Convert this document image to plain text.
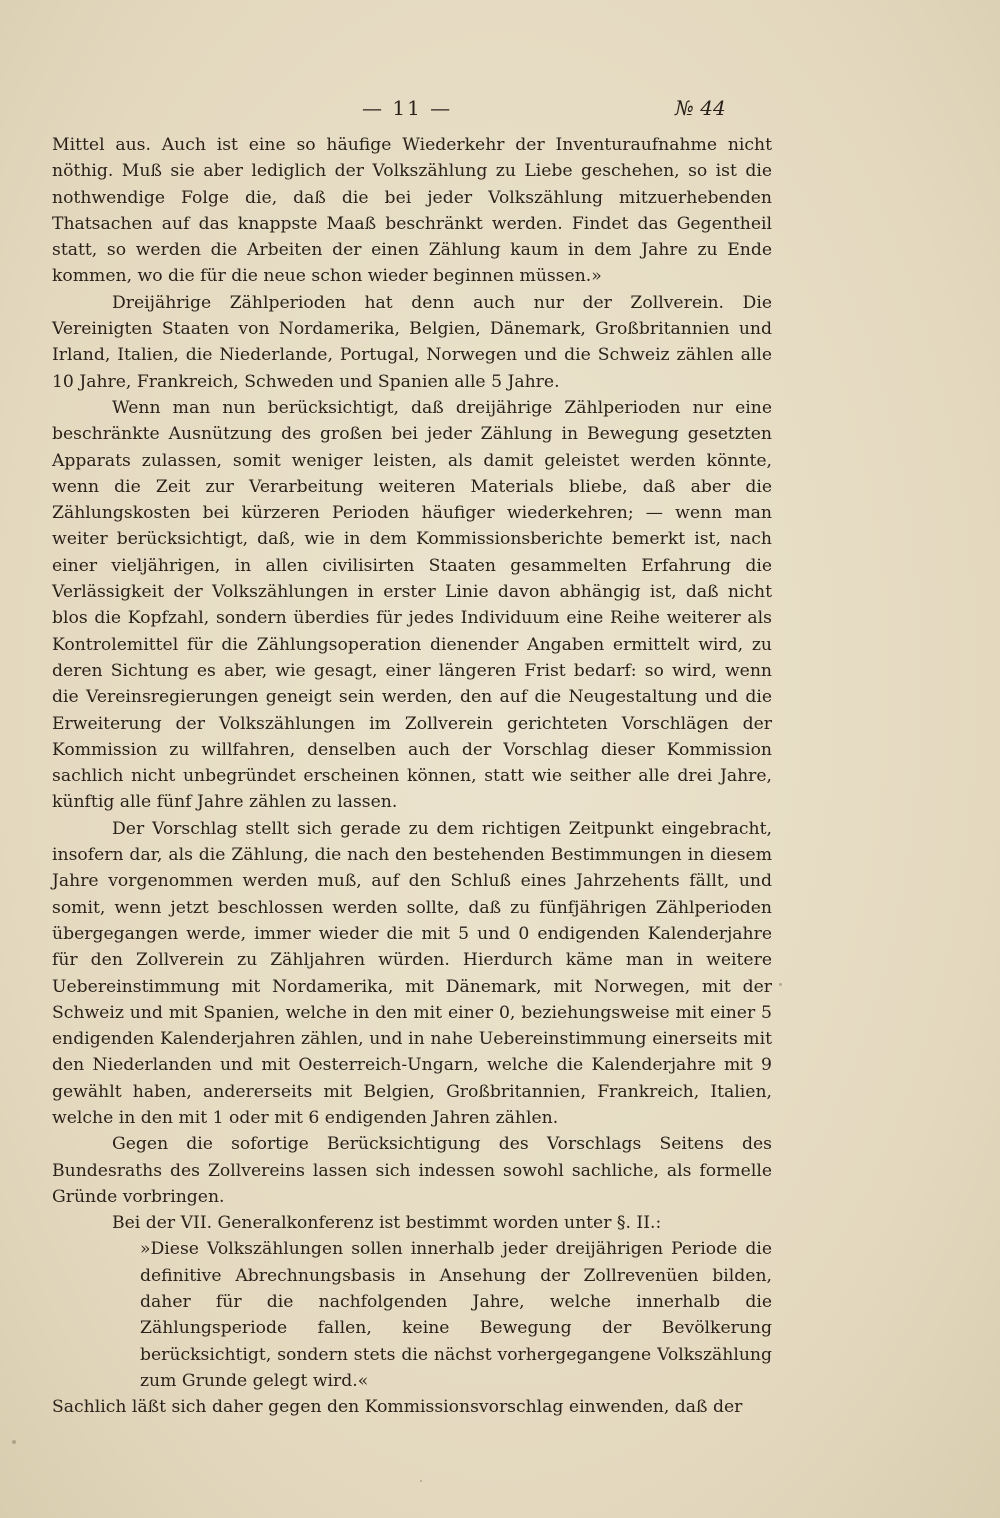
— 11 —	№ 44

Mittel aus. Auch ist eine so häufige Wiederkehr der Inventuraufnahme nicht nöthig. Muß sie aber lediglich der Volkszählung zu Liebe geschehen, so ist die nothwendige Folge die, daß die bei jeder Volkszählung mitzuerhebenden Thatsachen auf das knappste Maaß beschränkt werden. Findet das Gegentheil statt, so werden die Arbeiten der einen Zählung kaum in dem Jahre zu Ende kommen, wo die für die neue schon wieder beginnen müssen.»

Dreijährige Zählperioden hat denn auch nur der Zollverein. Die Vereinigten Staaten von Nordamerika, Belgien, Dänemark, Großbritannien und Irland, Italien, die Niederlande, Portugal, Norwegen und die Schweiz zählen alle 10 Jahre, Frankreich, Schweden und Spanien alle 5 Jahre.

Wenn man nun berücksichtigt, daß dreijährige Zählperioden nur eine beschränkte Ausnützung des großen bei jeder Zählung in Bewegung gesetzten Apparats zulassen, somit weniger leisten, als damit geleistet werden könnte, wenn die Zeit zur Verarbeitung weiteren Materials bliebe, daß aber die Zählungskosten bei kürzeren Perioden häufiger wiederkehren; — wenn man weiter berücksichtigt, daß, wie in dem Kommissionsberichte bemerkt ist, nach einer vieljährigen, in allen civilisirten Staaten gesammelten Erfahrung die Verlässigkeit der Volkszählungen in erster Linie davon abhängig ist, daß nicht blos die Kopfzahl, sondern überdies für jedes Individuum eine Reihe weiterer als Kontrolemittel für die Zählungsoperation dienender Angaben ermittelt wird, zu deren Sichtung es aber, wie gesagt, einer längeren Frist bedarf: so wird, wenn die Vereinsregierungen geneigt sein werden, den auf die Neugestaltung und die Erweiterung der Volkszählungen im Zollverein gerichteten Vorschlägen der Kommission zu willfahren, denselben auch der Vorschlag dieser Kommission sachlich nicht unbegründet erscheinen können, statt wie seither alle drei Jahre, künftig alle fünf Jahre zählen zu lassen.

Der Vorschlag stellt sich gerade zu dem richtigen Zeitpunkt eingebracht, insofern dar, als die Zählung, die nach den bestehenden Bestimmungen in diesem Jahre vorgenommen werden muß, auf den Schluß eines Jahrzehents fällt, und somit, wenn jetzt beschlossen werden sollte, daß zu fünfjährigen Zählperioden übergegangen werde, immer wieder die mit 5 und 0 endigenden Kalenderjahre für den Zollverein zu Zähljahren würden. Hierdurch käme man in weitere Uebereinstimmung mit Nordamerika, mit Dänemark, mit Norwegen, mit der Schweiz und mit Spanien, welche in den mit einer 0, beziehungsweise mit einer 5 endigenden Kalenderjahren zählen, und in nahe Uebereinstimmung einerseits mit den Niederlanden und mit Oesterreich-Ungarn, welche die Kalenderjahre mit 9 gewählt haben, andererseits mit Belgien, Großbritannien, Frankreich, Italien, welche in den mit 1 oder mit 6 endigenden Jahren zählen.

Gegen die sofortige Berücksichtigung des Vorschlags Seitens des Bundesraths des Zollvereins lassen sich indessen sowohl sachliche, als formelle Gründe vorbringen.

Bei der VII. Generalkonferenz ist bestimmt worden unter §. II.:

»Diese Volkszählungen sollen innerhalb jeder dreijährigen Periode die definitive Abrechnungsbasis in Ansehung der Zollrevenüen bilden, daher für die nachfolgenden Jahre, welche innerhalb die Zählungsperiode fallen, keine Bewegung der Bevölkerung berücksichtigt, sondern stets die nächst vorhergegangene Volkszählung zum Grunde gelegt wird.«

Sachlich läßt sich daher gegen den Kommissionsvorschlag einwenden, daß der
